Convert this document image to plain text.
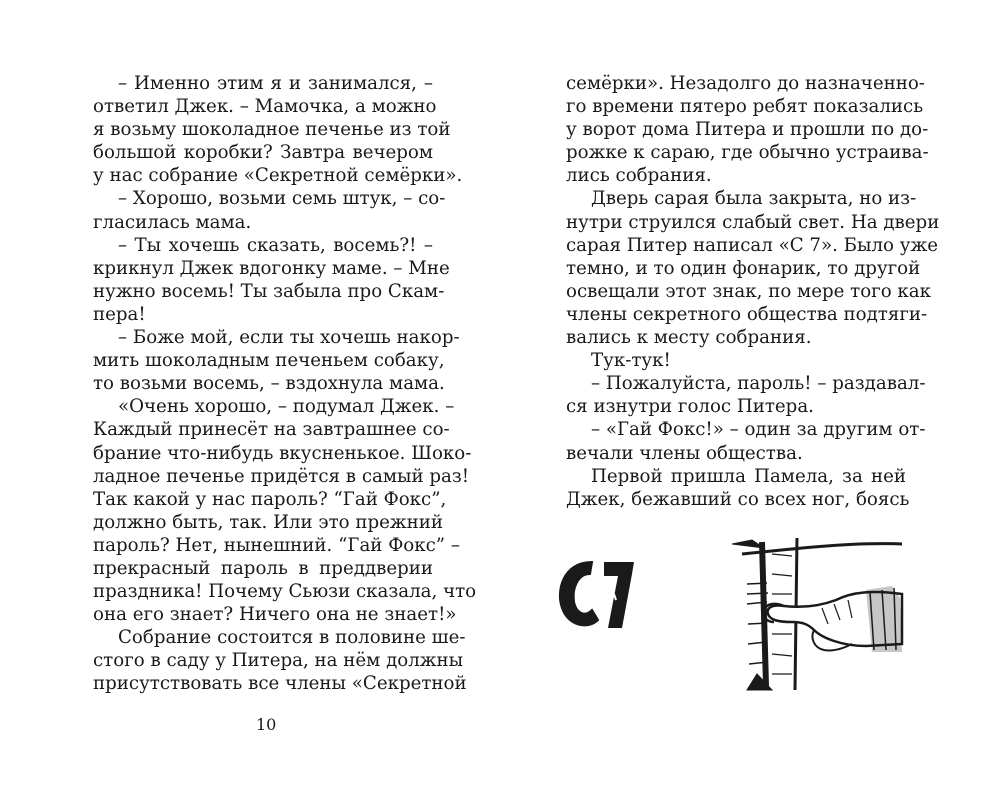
– Именно этим я и занимался, –
ответил Джек. – Мамочка, а можно
я возьму шоколадное печенье из той
большой коробки? Завтра вечером
у нас собрание «Секретной семёрки».
– Хорошо, возьми семь штук, – со-
гласилась мама.
– Ты хочешь сказать, восемь?! –
крикнул Джек вдогонку маме. – Мне
нужно восемь! Ты забыла про Скам-
пера!
– Боже мой, если ты хочешь накор-
мить шоколадным печеньем собаку,
то возьми восемь, – вздохнула мама.
«Очень хорошо, – подумал Джек. –
Каждый принесёт на завтрашнее со-
брание что-нибудь вкусненькое. Шоко-
ладное печенье придётся в самый раз!
Так какой у нас пароль? “Гай Фокс”,
должно быть, так. Или это прежний
пароль? Нет, нынешний. “Гай Фокс” –
прекрасный пароль в преддверии
праздника! Почему Сьюзи сказала, что
она его знает? Ничего она не знает!»
Собрание состоится в половине ше-
стого в саду у Питера, на нём должны
присутствовать все члены «Секретной
10
семёрки». Незадолго до назначенно-
го времени пятеро ребят показались
у ворот дома Питера и прошли по до-
рожке к сараю, где обычно устраива-
лись собрания.
Дверь сарая была закрыта, но из-
нутри струился слабый свет. На двери
сарая Питер написал «С 7». Было уже
темно, и то один фонарик, то другой
освещали этот знак, по мере того как
члены секретного общества подтяги-
вались к месту собрания.
Тук-тук!
– Пожалуйста, пароль! – раздавал-
ся изнутри голос Питера.
– «Гай Фокс!» – один за другим от-
вечали члены общества.
Первой пришла Памела, за ней
Джек, бежавший со всех ног, боясь
